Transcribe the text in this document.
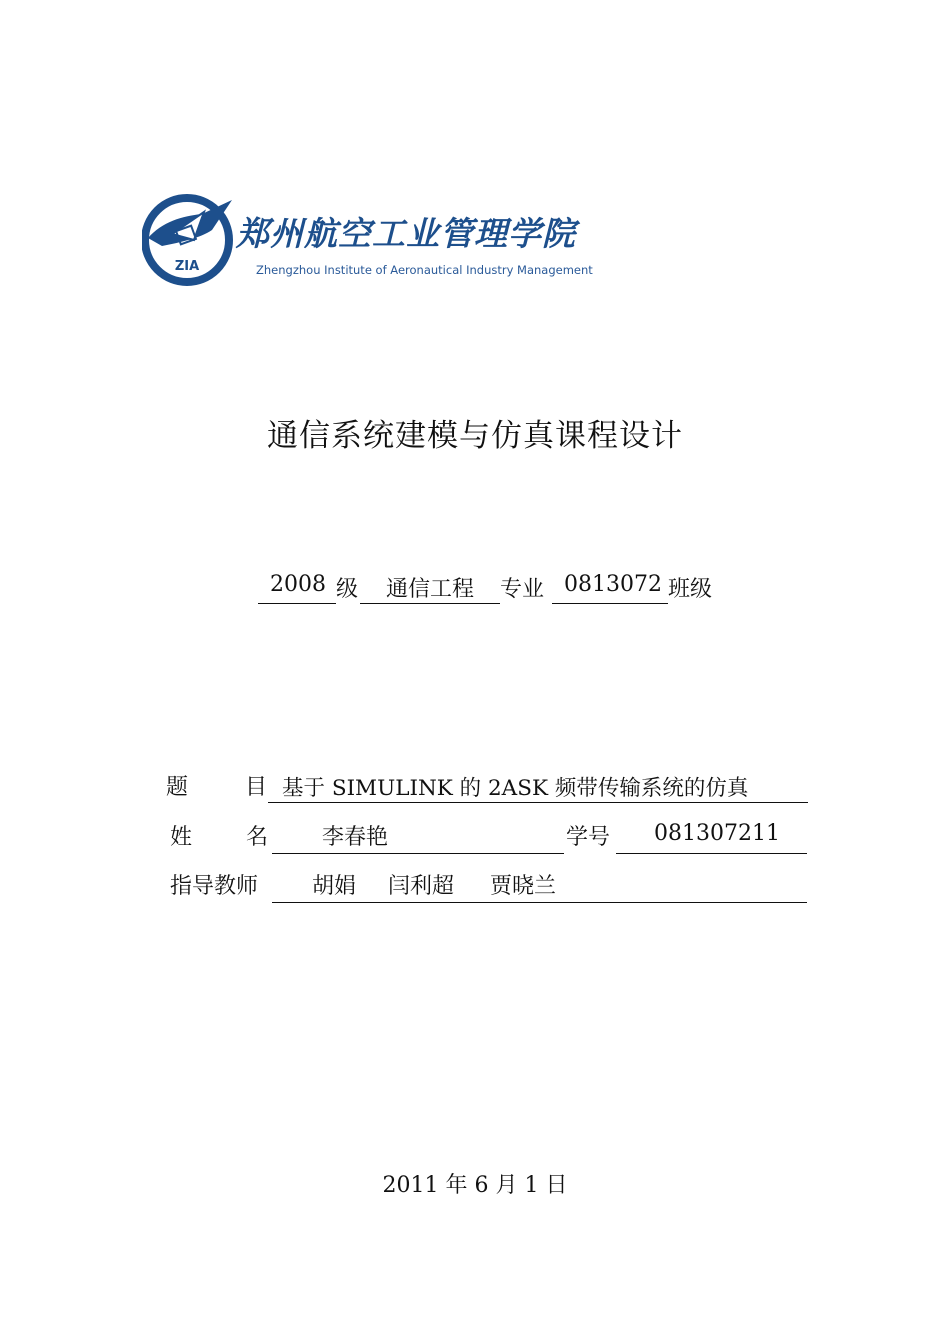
ZIA
郑州航空工业管理学院
Zhengzhou Institute of Aeronautical Industry Management
通信系统建模与仿真课程设计
2008 级 通信工程 专业 0813072 班级
题	目 基于 SIMULINK 的 2ASK 频带传输系统的仿真
姓 名 李春艳	学号 081307211
指导教师 胡娟 闫利超 贾晓兰
2011 年 6 月 1 日
